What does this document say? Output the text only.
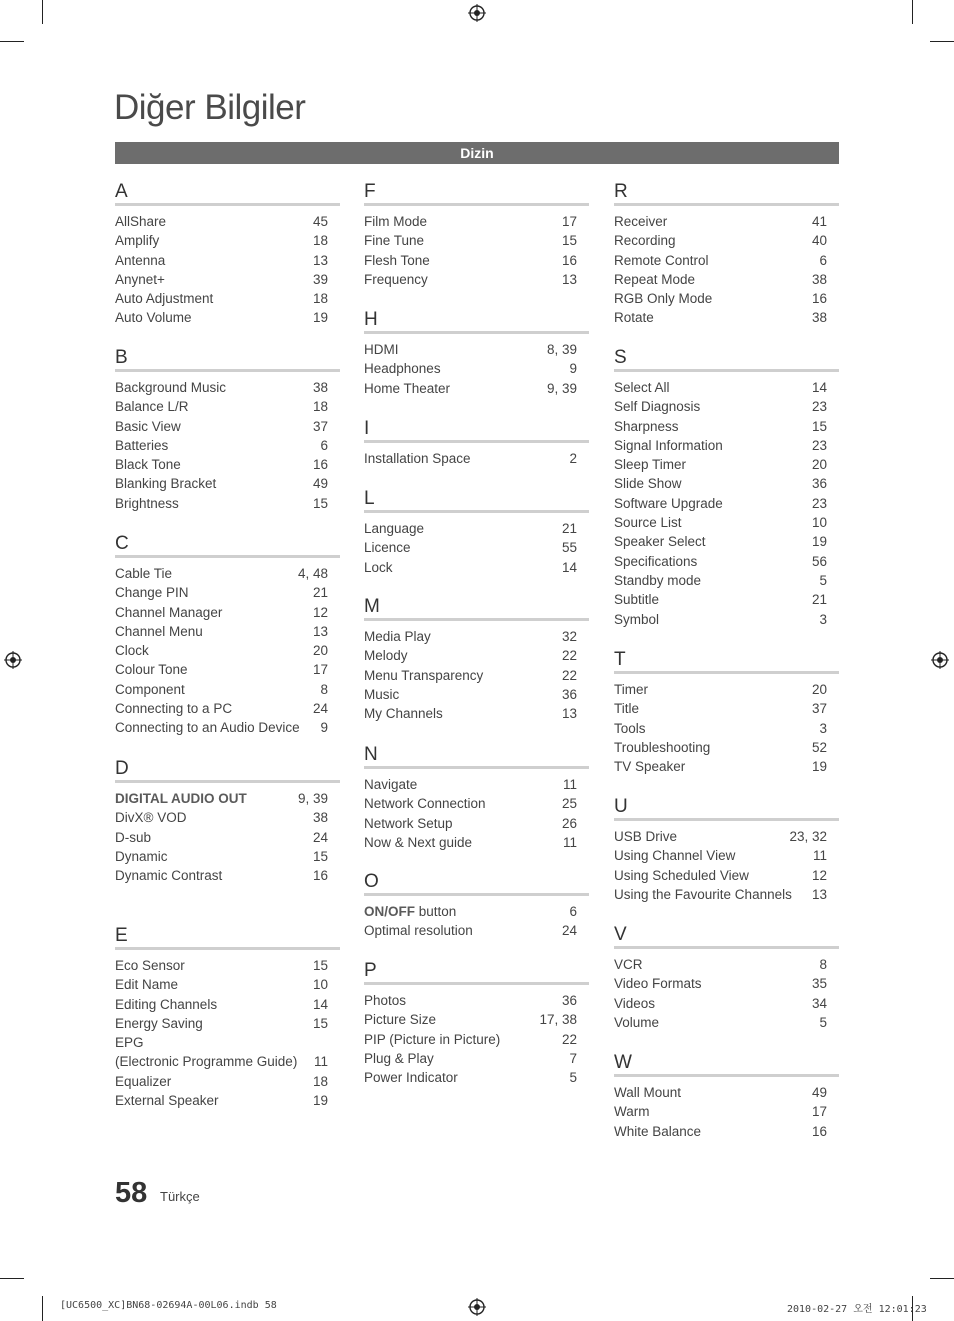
Diğer Bilgiler
Dizin
A
AllShare	45
Amplify	18
Antenna	13
Anynet+	39
Auto Adjustment	18
Auto Volume	19
B
Background Music	38
Balance L/R	18
Basic View	37
Batteries	6
Black Tone	16
Blanking Bracket	49
Brightness	15
C
Cable Tie	4, 48
Change PIN	21
Channel Manager	12
Channel Menu	13
Clock	20
Colour Tone	17
Component	8
Connecting to a PC	24
Connecting to an Audio Device 9
D
DIGITAL AUDIO OUT	9, 39
DivX® VOD	38
D-sub	24
Dynamic	15
Dynamic Contrast	16
E
Eco Sensor	15
Edit Name	10
Editing Channels	14
Energy Saving	15
EPG
(Electronic Programme Guide) 11
Equalizer	18
External Speaker	19
F
Film Mode	17
Fine Tune	15
Flesh Tone	16
Frequency	13
H
HDMI	8, 39
Headphones	9
Home Theater	9, 39
I
Installation Space	2
L
Language	21
Licence	55
Lock	14
M
Media Play	32
Melody	22
Menu Transparency	22
Music	36
My Channels	13
N
Navigate	11
Network Connection	25
Network Setup	26
Now & Next guide	11
O
ON/OFF button	6
Optimal resolution	24
P
Photos	36
Picture Size	17, 38
PIP (Picture in Picture)	22
Plug & Play	7
Power Indicator	5
R
Receiver	41
Recording	40
Remote Control	6
Repeat Mode	38
RGB Only Mode	16
Rotate	38
S
Select All	14
Self Diagnosis	23
Sharpness	15
Signal Information	23
Sleep Timer	20
Slide Show	36
Software Upgrade	23
Source List	10
Speaker Select	19
Specifications	56
Standby mode	5
Subtitle	21
Symbol	3
T
Timer	20
Title	37
Tools	3
Troubleshooting	52
TV Speaker	19
U
USB Drive	23, 32
Using Channel View	11
Using Scheduled View	12
Using the Favourite Channels 13
V
VCR	8
Video Formats	35
Videos	34
Volume	5
W
Wall Mount	49
Warm	17
White Balance	16
58 Türkçe
[UC6500_XC]BN68-02694A-00L06.indb 58	2010-02-27 오전 12:01:23
